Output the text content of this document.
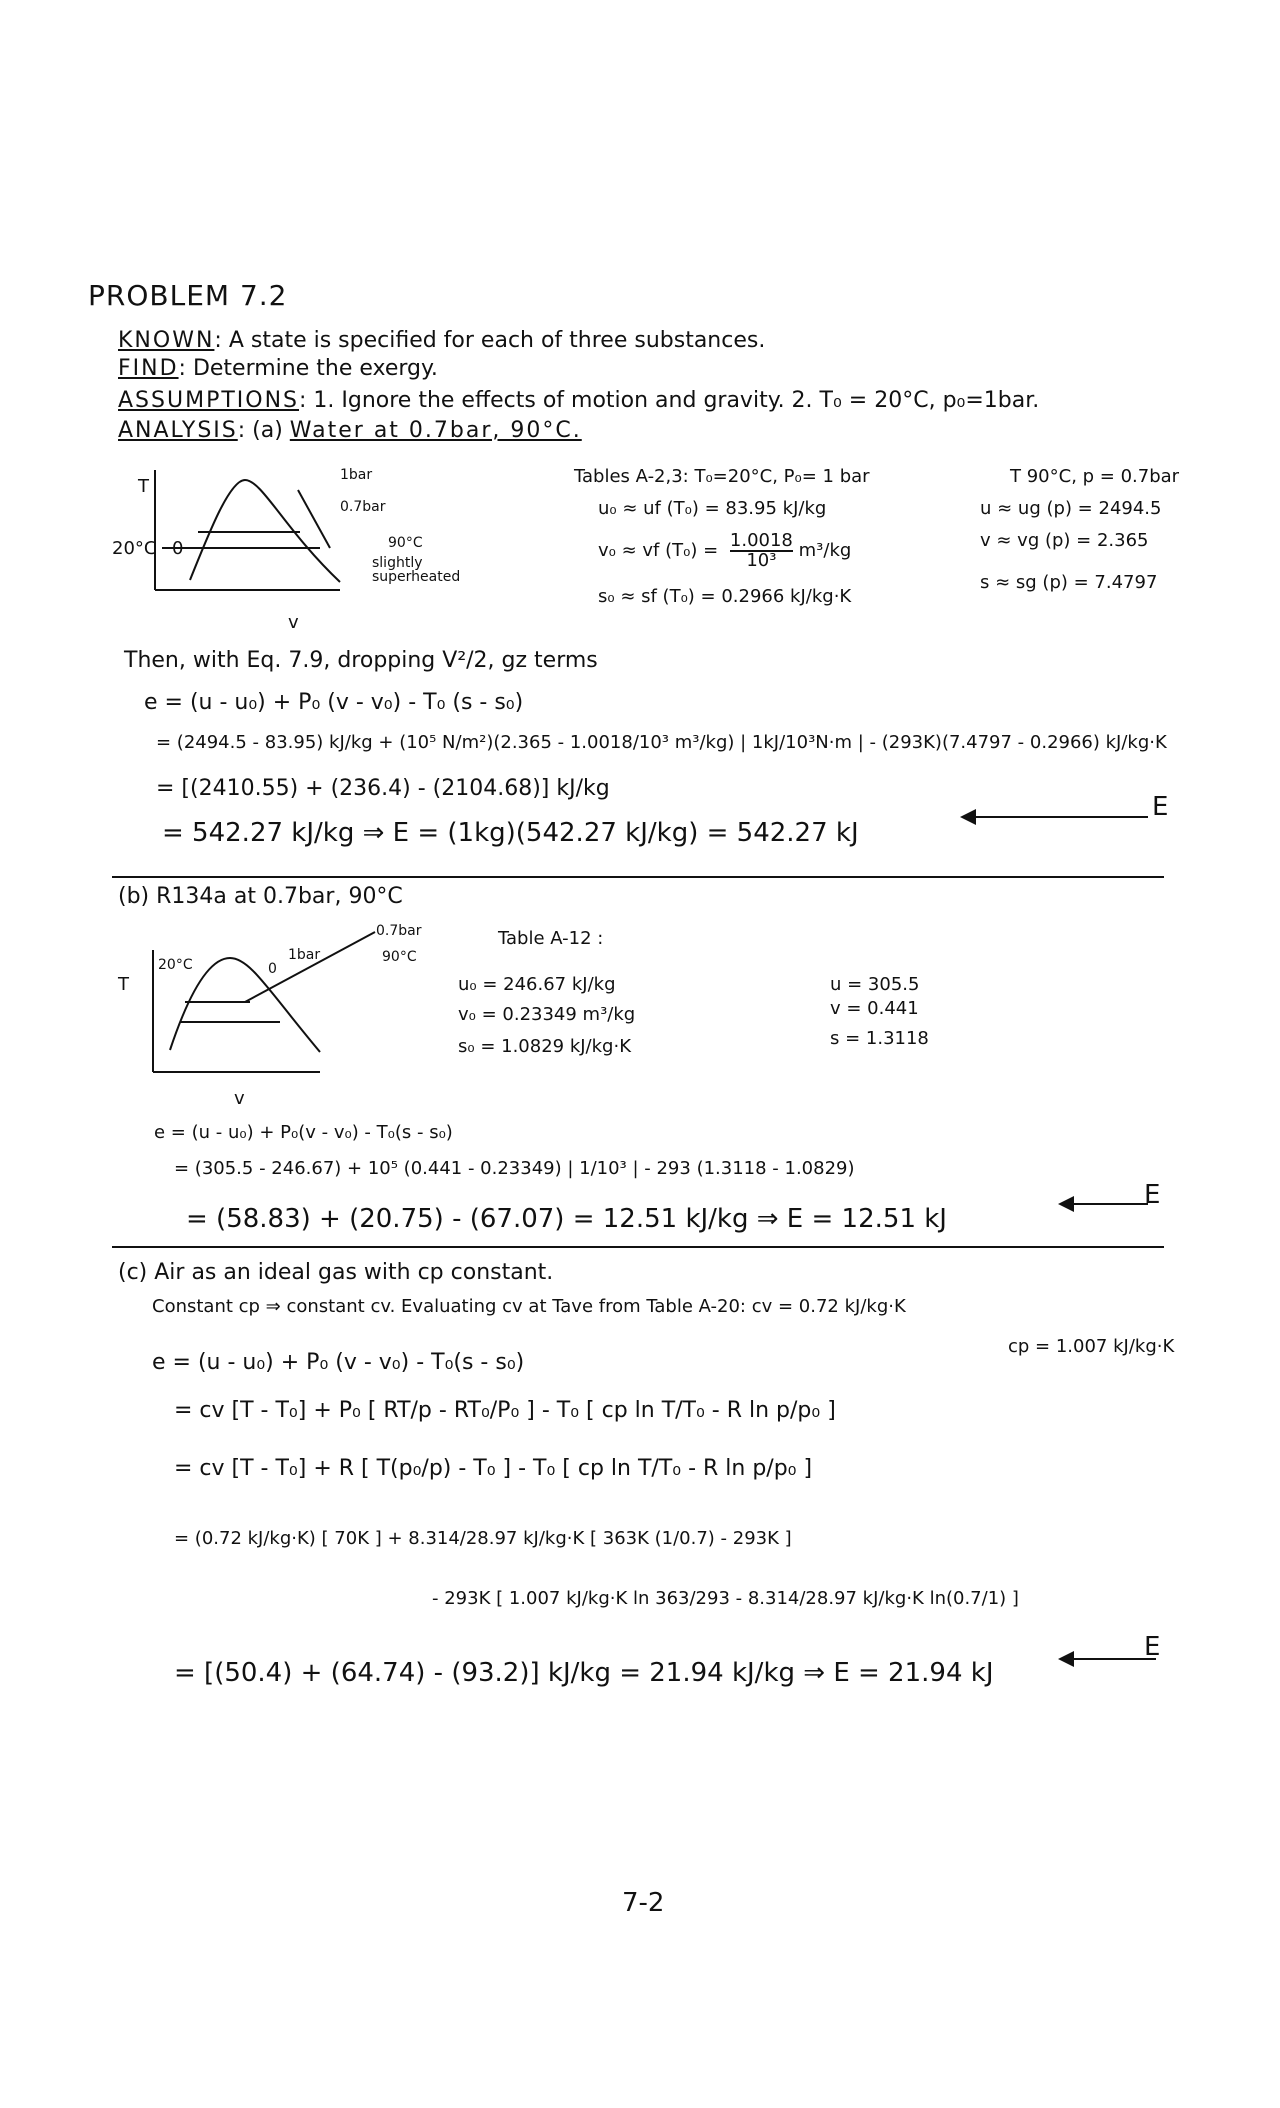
PROBLEM 7.2
KNOWN: A state is specified for each of three substances.
FIND: Determine the exergy.
ASSUMPTIONS: 1. Ignore the effects of motion and gravity. 2. T₀ = 20°C, p₀=1bar.
ANALYSIS: (a) Water at 0.7bar, 90°C.
T
v
20°C 0
1bar
0.7bar
90°C
slightly
superheated
Tables A-2,3: T₀=20°C, P₀= 1 bar
u₀ ≈ uf (T₀) = 83.95 kJ/kg
v₀ ≈ vf $(T_0) = \frac{1.0018}{\text{10³}} m^3/kg$
s₀ ≈ sf (T₀) = 0.2966 kJ/kg·K
T 90°C, p = 0.7bar
u ≈ ug (p) = 2494.5
v ≈ vg (p) = 2.365
s ≈ sg (p) = 7.4797
Then, with Eq. 7.9, dropping V²/2, gz terms
e = (u - u₀) + P₀ (v - v₀) - T₀ (s - s₀)
= (2494.5 - 83.95) kJ/kg + (10⁵ N/m²)(2.365 - 1.0018/10³ m³/kg) | 1kJ/10³N·m | - (293K)(7.4797 - 0.2966) kJ/kg·K
= [(2410.55) + (236.4) - (2104.68)] kJ/kg
= 542.27 kJ/kg ⇒ E = (1kg)(542.27 kJ/kg) = 542.27 kJ
E
(b) R134a at 0.7bar, 90°C
T
v
20°C	0
1bar
0.7bar
90°C
Table A-12 :
u₀ = 246.67 kJ/kg
v₀ = 0.23349 m³/kg
s₀ = 1.0829 kJ/kg·K
u = 305.5
v = 0.441
s = 1.3118
e = (u - u₀) + P₀(v - v₀) - T₀(s - s₀)
= (305.5 - 246.67) + 10⁵ (0.441 - 0.23349) | 1/10³ | - 293 (1.3118 - 1.0829)
= (58.83) + (20.75) - (67.07) = 12.51 kJ/kg ⇒ E = 12.51 kJ
E
(c) Air as an ideal gas with cp constant.
Constant cp ⇒ constant cv. Evaluating cv at Tave from Table A-20: cv = 0.72 kJ/kg·K
cp = 1.007 kJ/kg·K
e = (u - u₀) + P₀ (v - v₀) - T₀(s - s₀)
= cv [T - T₀] + P₀ [ RT/p - RT₀/P₀ ] - T₀ [ cp ln T/T₀ - R ln p/p₀ ]
= cv [T - T₀] + R [ T(p₀/p) - T₀ ] - T₀ [ cp ln T/T₀ - R ln p/p₀ ]
= (0.72 kJ/kg·K) [ 70K ] + 8.314/28.97 kJ/kg·K [ 363K (1/0.7) - 293K ]
- 293K [ 1.007 kJ/kg·K ln 363/293 - 8.314/28.97 kJ/kg·K ln(0.7/1) ]
= [(50.4) + (64.74) - (93.2)] kJ/kg = 21.94 kJ/kg ⇒ E = 21.94 kJ
E
7-2
